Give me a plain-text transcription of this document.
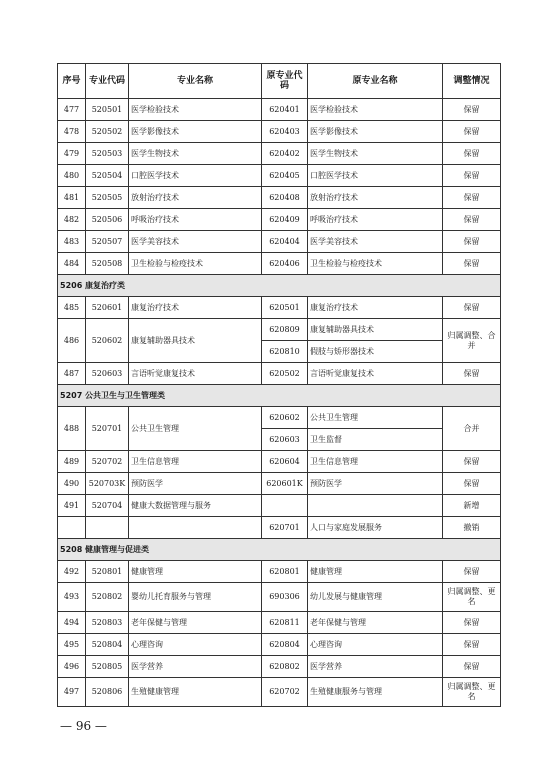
序号	专业代码	专业名称	原专业代码	原专业名称	调整情况
477	520501	医学检验技术	620401	医学检验技术	保留
478	520502	医学影像技术	620403	医学影像技术	保留
479	520503	医学生物技术	620402	医学生物技术	保留
480	520504	口腔医学技术	620405	口腔医学技术	保留
481	520505	放射治疗技术	620408	放射治疗技术	保留
482	520506	呼吸治疗技术	620409	呼吸治疗技术	保留
483	520507	医学美容技术	620404	医学美容技术	保留
484	520508	卫生检验与检疫技术	620406	卫生检验与检疫技术	保留
5206 康复治疗类					
485	520601	康复治疗技术	620501	康复治疗技术	保留
486	520602	康复辅助器具技术	620809	康复辅助器具技术	归属调整、合并
			620810	假肢与矫形器技术	
487	520603	言语听觉康复技术	620502	言语听觉康复技术	保留
5207 公共卫生与卫生管理类					
488	520701	公共卫生管理	620602	公共卫生管理	合并
			620603	卫生监督	
489	520702	卫生信息管理	620604	卫生信息管理	保留
490	520703K	预防医学	620601K	预防医学	保留
491	520704	健康大数据管理与服务			新增
			620701	人口与家庭发展服务	撤销
5208 健康管理与促进类					
492	520801	健康管理	620801	健康管理	保留
493	520802	婴幼儿托育服务与管理	690306	幼儿发展与健康管理	归属调整、更名
494	520803	老年保健与管理	620811	老年保健与管理	保留
495	520804	心理咨询	620804	心理咨询	保留
496	520805	医学营养	620802	医学营养	保留
497	520806	生殖健康管理	620702	生殖健康服务与管理	归属调整、更名
— 96 —
